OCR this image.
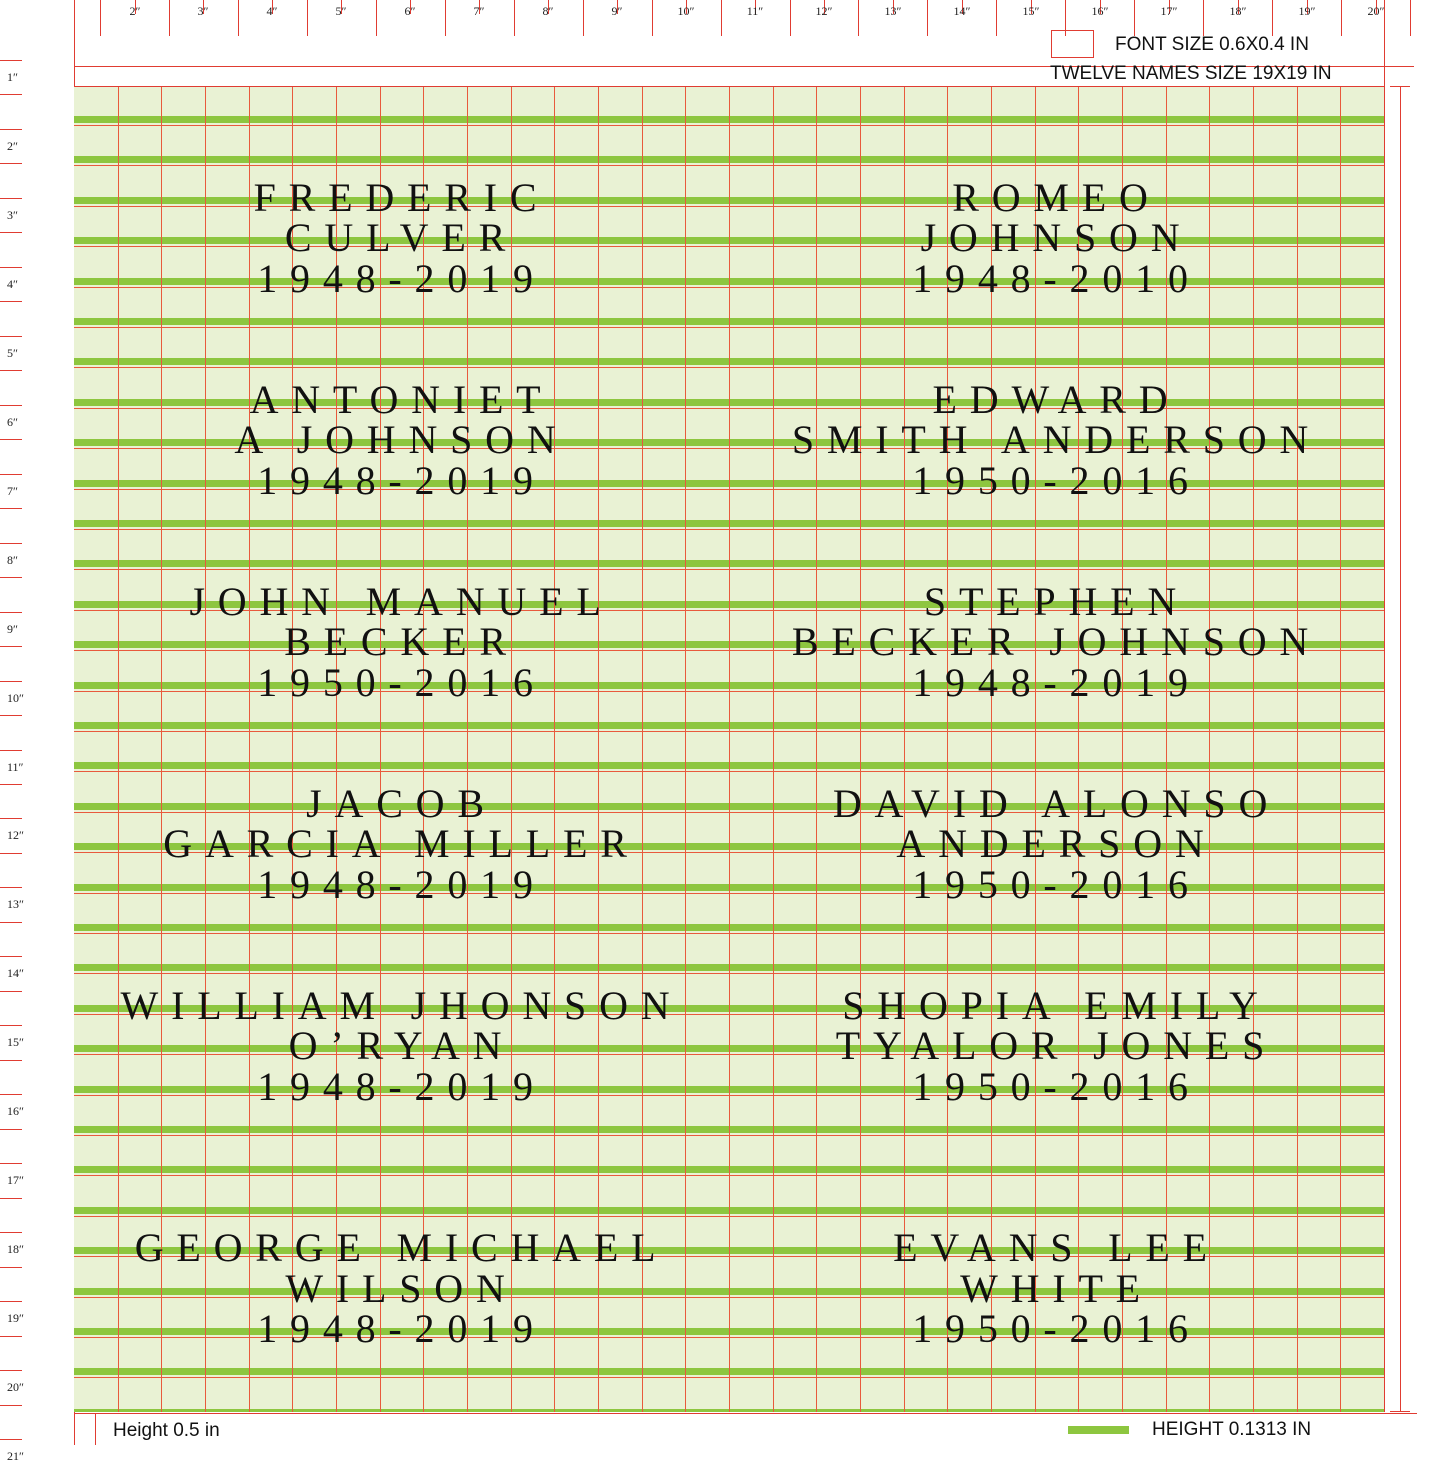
2″	3″	4″	5″	6″	7″	8″	9″	10″	11″	12″	13″	14″	15″	16″	17″	18″	19″	20″
FONT SIZE 0.6X0.4 IN
TWELVE NAMES SIZE 19X19 IN
FREDERIC
CULVER
1948-2019
ANTONIET
A JOHNSON
1948-2019
JOHN MANUEL
BECKER
1950-2016
JACOB
GARCIA MILLER
1948-2019
WILLIAM JHONSON
O’RYAN
1948-2019
GEORGE MICHAEL
WILSON
1948-2019
ROMEO
JOHNSON
1948-2010
EDWARD
SMITH ANDERSON
1950-2016
STEPHEN
BECKER JOHNSON
1948-2019
DAVID ALONSO
ANDERSON
1950-2016
SHOPIA EMILY
TYALOR JONES
1950-2016
EVANS LEE
WHITE
1950-2016
Height 0.5 in	HEIGHT 0.1313 IN
1″
2″
3″
4″
5″
6″
7″
8″
9″
10″
11″
12″
13″
14″
15″
16″
17″
18″
19″
20″
21″
